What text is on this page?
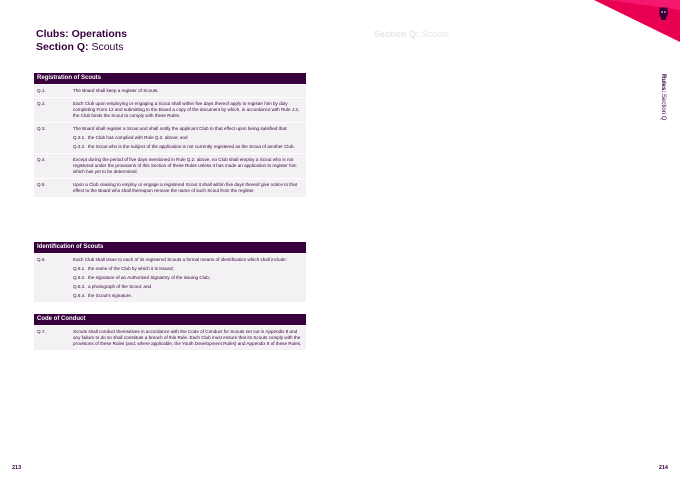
Clubs: Operations
Section Q: Scouts
Registration of Scouts
Q.1.	The Board shall keep a register of Scouts.
Q.2.	Each Club upon employing or engaging a Scout shall within five days thereof apply to register him by duly completing Form 12 and submitting to the Board a copy of the document by which, in accordance with Rule J.2, the Club binds the Scout to comply with these Rules.
Q.3.	The Board shall register a Scout and shall notify the applicant Club to that effect upon being satisfied that:
Q.3.1. the Club has complied with Rule Q.2. above; and
Q.3.2. the Scout who is the subject of the application is not currently registered as the Scout of another Club.
Q.4.	Except during the period of five days mentioned in Rule Q.2. above, no Club shall employ a Scout who is not registered under the provisions of this Section of these Rules unless it has made an application to register him which has yet to be determined.
Q.5.	Upon a Club ceasing to employ or engage a registered Scout it shall within five days thereof give notice to that effect to the Board who shall thereupon remove the name of such Scout from the register.
Identification of Scouts
Q.6.	Each Club shall issue to each of its registered Scouts a formal means of identification which shall include:
Q.6.1. the name of the Club by which it is issued;
Q.6.2. the signature of an Authorised Signatory of the issuing Club;
Q.6.3. a photograph of the Scout; and
Q.6.4. the Scout’s signature.
Code of Conduct
Q.7.	Scouts shall conduct themselves in accordance with the Code of Conduct for Scouts set out in Appendix 8 and any failure to do so shall constitute a breach of this Rule. Each Club must ensure that its Scouts comply with the provisions of these Rules (and, where applicable, the Youth Development Rules) and Appendix 8 of these Rules.
213
Section Q: Scouts
Rules: Section Q
214
